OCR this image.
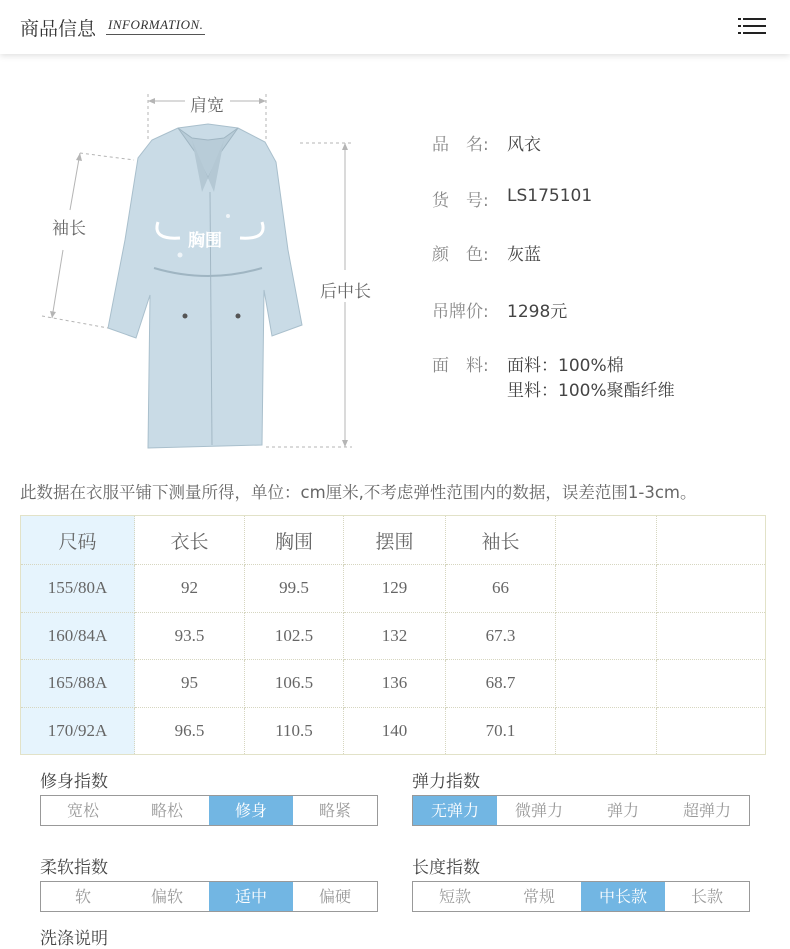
商品信息 INFORMATION.
肩宽
袖长
胸围
后中长
品　名: 风衣
货　号: LS175101
颜　色: 灰蓝
吊牌价: 1298元
面　料: 面料：100%棉
里料：100%聚酯纤维
此数据在衣服平铺下测量所得，单位：cm厘米,不考虑弹性范围内的数据，误差范围1-3cm。
尺码	衣长	胸围	摆围	袖长		
155/80A	92	99.5	129	66		
160/84A	93.5	102.5	132	67.3		
165/88A	95	106.5	136	68.7		
170/92A	96.5	110.5	140	70.1		
修身指数
宽松	略松	修身	略紧
弹力指数
无弹力	微弹力	弹力	超弹力
柔软指数
软	偏软	适中	偏硬
长度指数
短款	常规	中长款	长款
洗涤说明
